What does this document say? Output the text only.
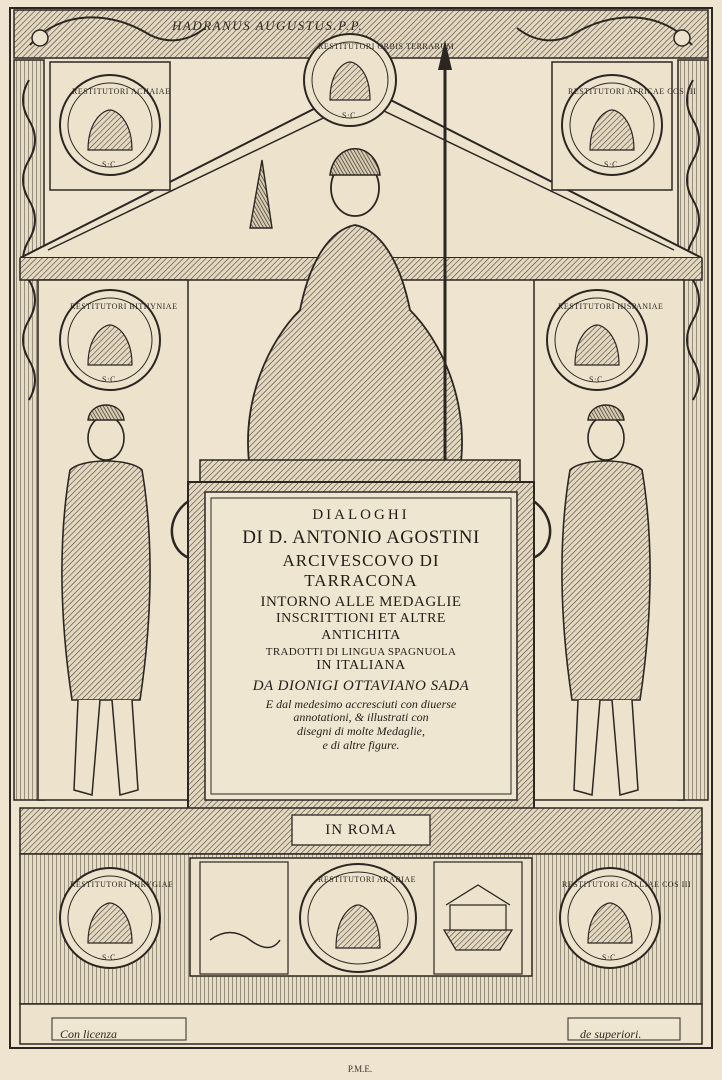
HADRANUS AUGUSTUS.P.P.
RESTITUTORI ORBIS TERRARUM
S·C
RESTITUTORI ACHAIAE
S·C
RESTITUTORI AFRICAE COS III
S·C
RESTITUTORI BITHYNIAE
S·C
RESTITUTORI HISPANIAE
S·C
RESTITUTORI PHRYGIAE
S·C
RESTITUTORI ARABIAE
RESTITUTORI GALLIAE COS III
S·C
DIALOGHI
DI D. ANTONIO AGOSTINI
ARCIVESCOVO DI
TARRACONA
INTORNO ALLE MEDAGLIE
INSCRITTIONI ET ALTRE
ANTICHITA
TRADOTTI DI LINGUA SPAGNUOLA
IN ITALIANA
DA DIONIGI OTTAVIANO SADA
E dal medesimo accresciuti con diuerse
annotationi, & illustrati con
disegni di molte Medaglie,
e di altre figure.
IN ROMA
Con licenza	de superiori.
P.M.E.
